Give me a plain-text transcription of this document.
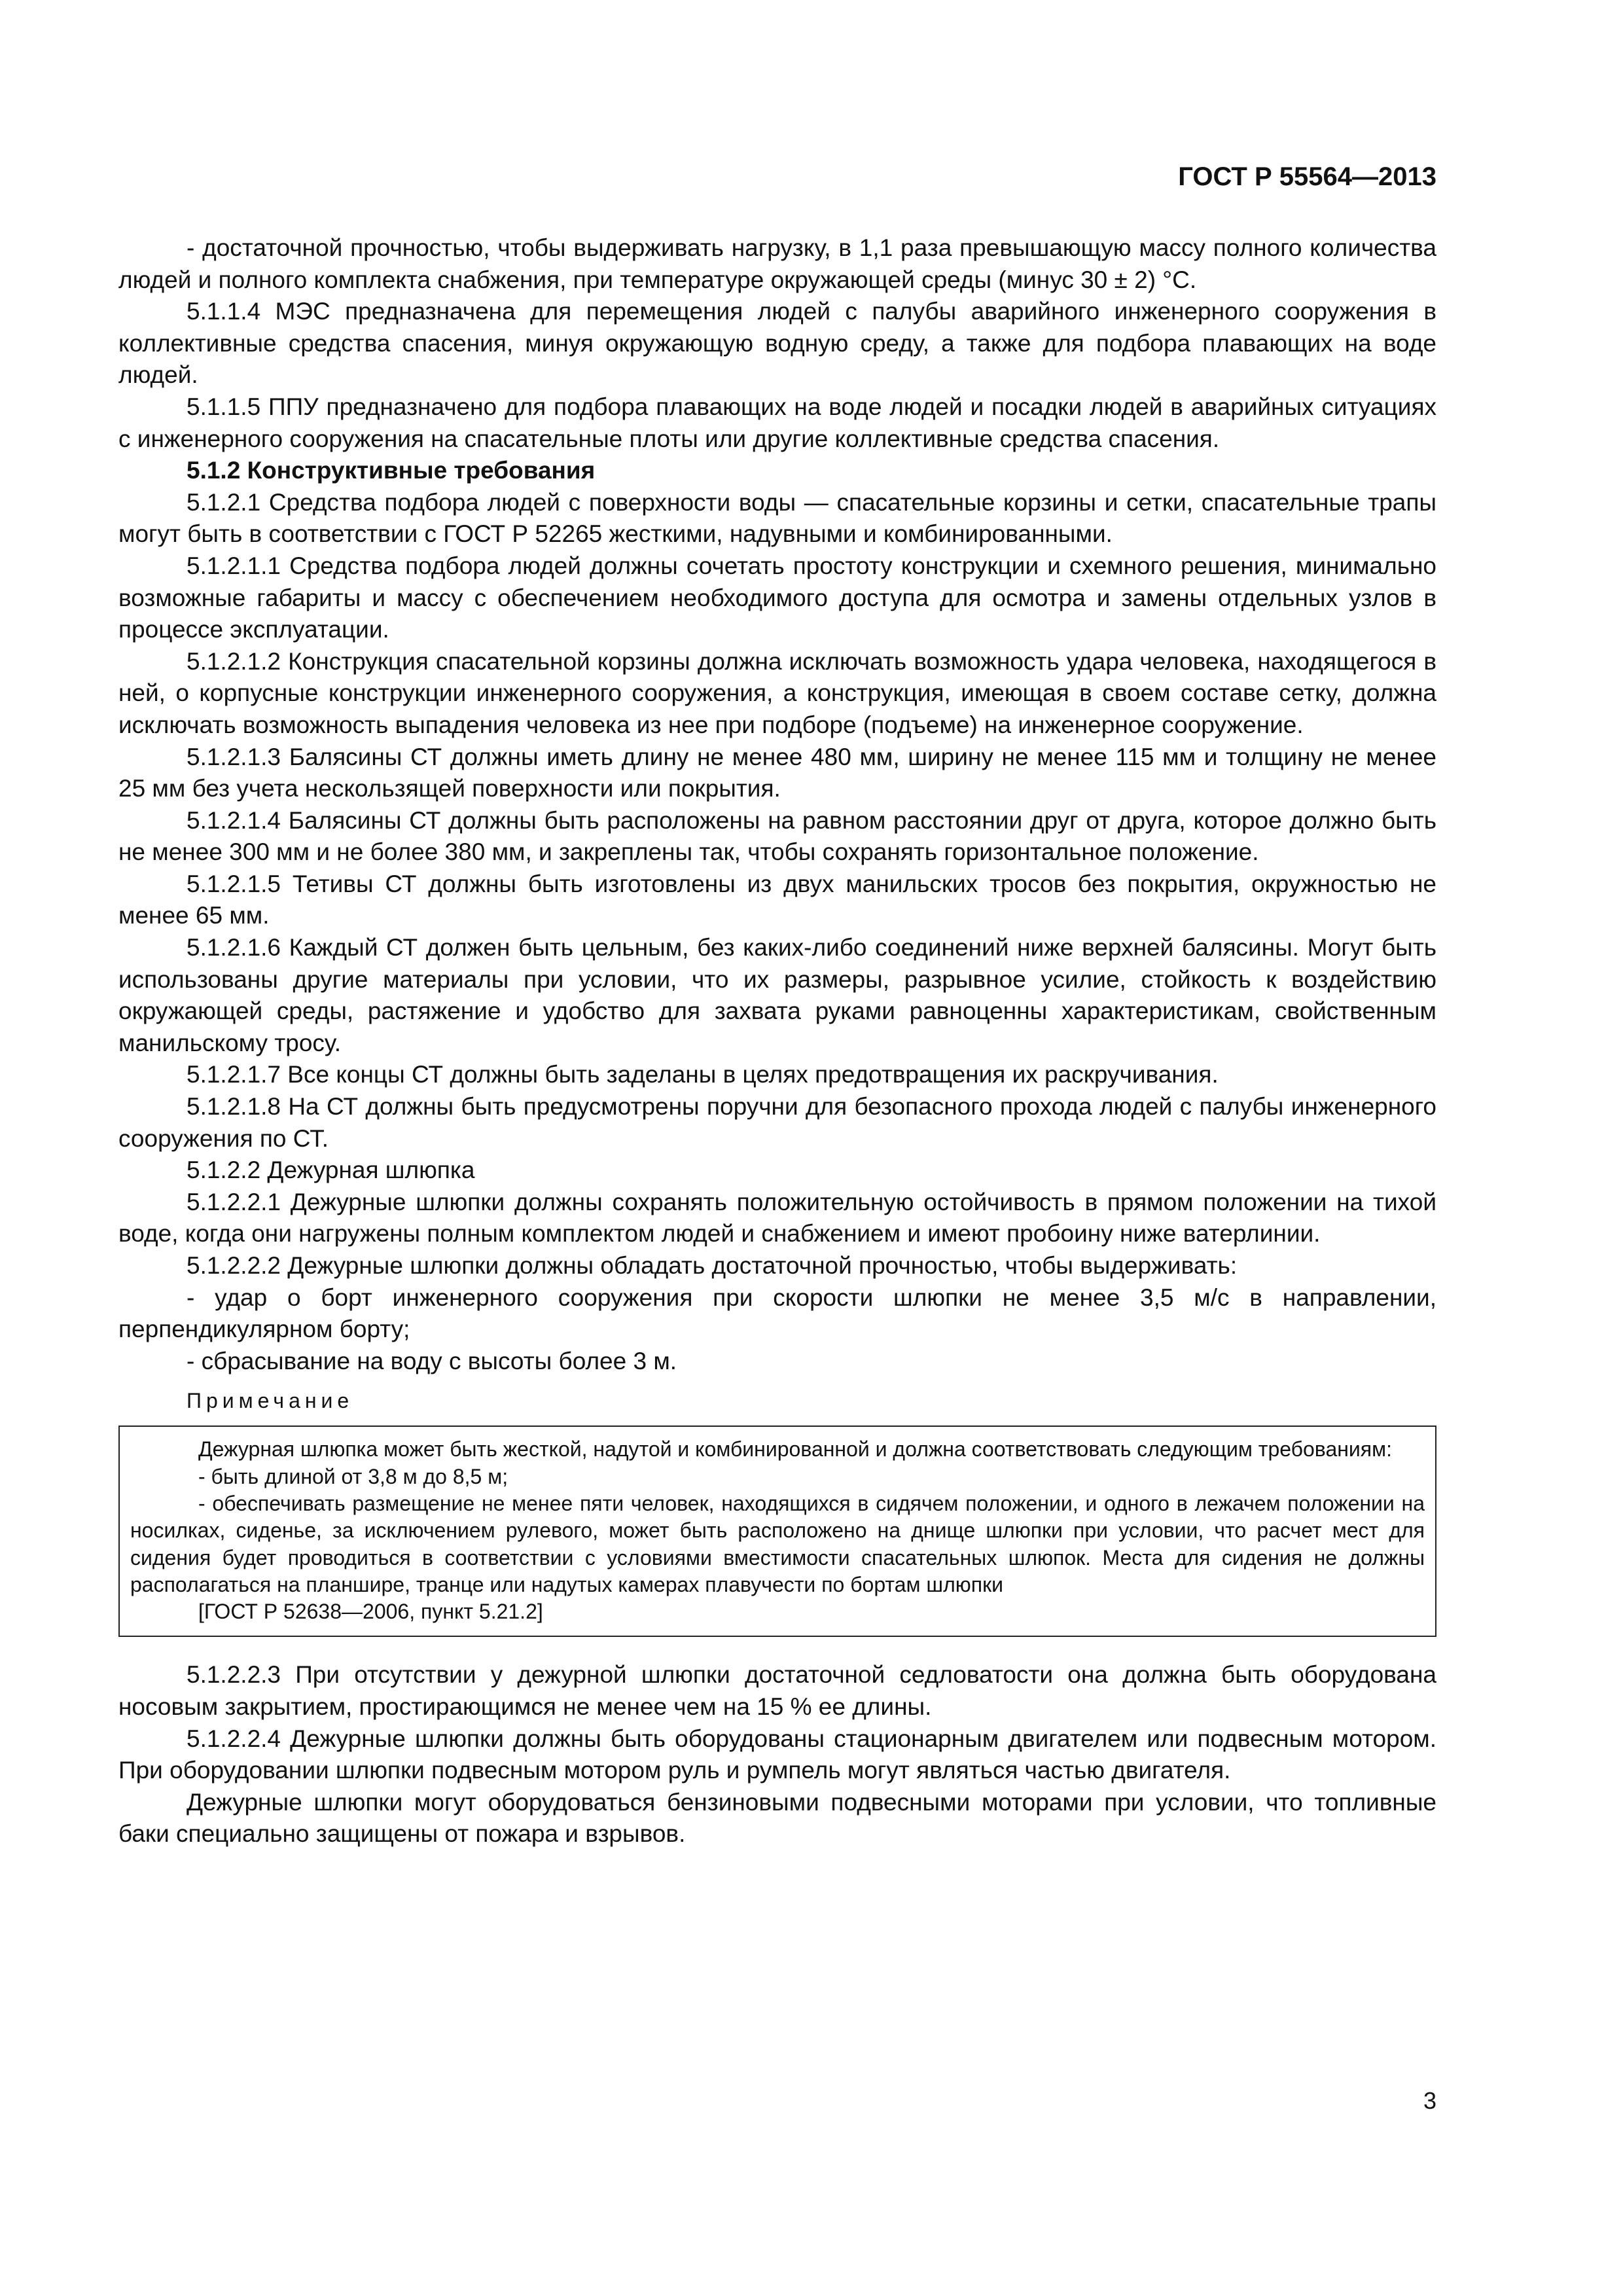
ГОСТ Р 55564—2013

- достаточной прочностью, чтобы выдерживать нагрузку, в 1,1 раза превышающую массу полного количества людей и полного комплекта снабжения, при температуре окружающей среды (минус 30 ± 2) °С.

5.1.1.4 МЭС предназначена для перемещения людей с палубы аварийного инженерного сооружения в коллективные средства спасения, минуя окружающую водную среду, а также для подбора плавающих на воде людей.

5.1.1.5 ППУ предназначено для подбора плавающих на воде людей и посадки людей в аварийных ситуациях с инженерного сооружения на спасательные плоты или другие коллективные средства спасения.

5.1.2 Конструктивные требования

5.1.2.1 Средства подбора людей с поверхности воды — спасательные корзины и сетки, спасательные трапы могут быть в соответствии с ГОСТ Р 52265 жесткими, надувными и комбинированными.

5.1.2.1.1 Средства подбора людей должны сочетать простоту конструкции и схемного решения, минимально возможные габариты и массу с обеспечением необходимого доступа для осмотра и замены отдельных узлов в процессе эксплуатации.

5.1.2.1.2 Конструкция спасательной корзины должна исключать возможность удара человека, находящегося в ней, о корпусные конструкции инженерного сооружения, а конструкция, имеющая в своем составе сетку, должна исключать возможность выпадения человека из нее при подборе (подъеме) на инженерное сооружение.

5.1.2.1.3 Балясины СТ должны иметь длину не менее 480 мм, ширину не менее 115 мм и толщину не менее 25 мм без учета нескользящей поверхности или покрытия.

5.1.2.1.4 Балясины СТ должны быть расположены на равном расстоянии друг от друга, которое должно быть не менее 300 мм и не более 380 мм, и закреплены так, чтобы сохранять горизонтальное положение.

5.1.2.1.5 Тетивы СТ должны быть изготовлены из двух манильских тросов без покрытия, окружностью не менее 65 мм.

5.1.2.1.6 Каждый СТ должен быть цельным, без каких-либо соединений ниже верхней балясины. Могут быть использованы другие материалы при условии, что их размеры, разрывное усилие, стойкость к воздействию окружающей среды, растяжение и удобство для захвата руками равноценны характеристикам, свойственным манильскому тросу.

5.1.2.1.7 Все концы СТ должны быть заделаны в целях предотвращения их раскручивания.

5.1.2.1.8 На СТ должны быть предусмотрены поручни для безопасного прохода людей с палубы инженерного сооружения по СТ.

5.1.2.2 Дежурная шлюпка

5.1.2.2.1 Дежурные шлюпки должны сохранять положительную остойчивость в прямом положении на тихой воде, когда они нагружены полным комплектом людей и снабжением и имеют пробоину ниже ватерлинии.

5.1.2.2.2 Дежурные шлюпки должны обладать достаточной прочностью, чтобы выдерживать:

- удар о борт инженерного сооружения при скорости шлюпки не менее 3,5 м/с в направлении, перпендикулярном борту;

- сбрасывание на воду с высоты более 3 м.

Примечание

Дежурная шлюпка может быть жесткой, надутой и комбинированной и должна соответствовать следующим требованиям:

- быть длиной от 3,8 м до 8,5 м;

- обеспечивать размещение не менее пяти человек, находящихся в сидячем положении, и одного в лежачем положении на носилках, сиденье, за исключением рулевого, может быть расположено на днище шлюпки при условии, что расчет мест для сидения будет проводиться в соответствии с условиями вместимости спасательных шлюпок. Места для сидения не должны располагаться на планшире, транце или надутых камерах плавучести по бортам шлюпки

[ГОСТ Р 52638—2006, пункт 5.21.2]

5.1.2.2.3 При отсутствии у дежурной шлюпки достаточной седловатости она должна быть оборудована носовым закрытием, простирающимся не менее чем на 15 % ее длины.

5.1.2.2.4 Дежурные шлюпки должны быть оборудованы стационарным двигателем или подвесным мотором. При оборудовании шлюпки подвесным мотором руль и румпель могут являться частью двигателя.

Дежурные шлюпки могут оборудоваться бензиновыми подвесными моторами при условии, что топливные баки специально защищены от пожара и взрывов.

3
